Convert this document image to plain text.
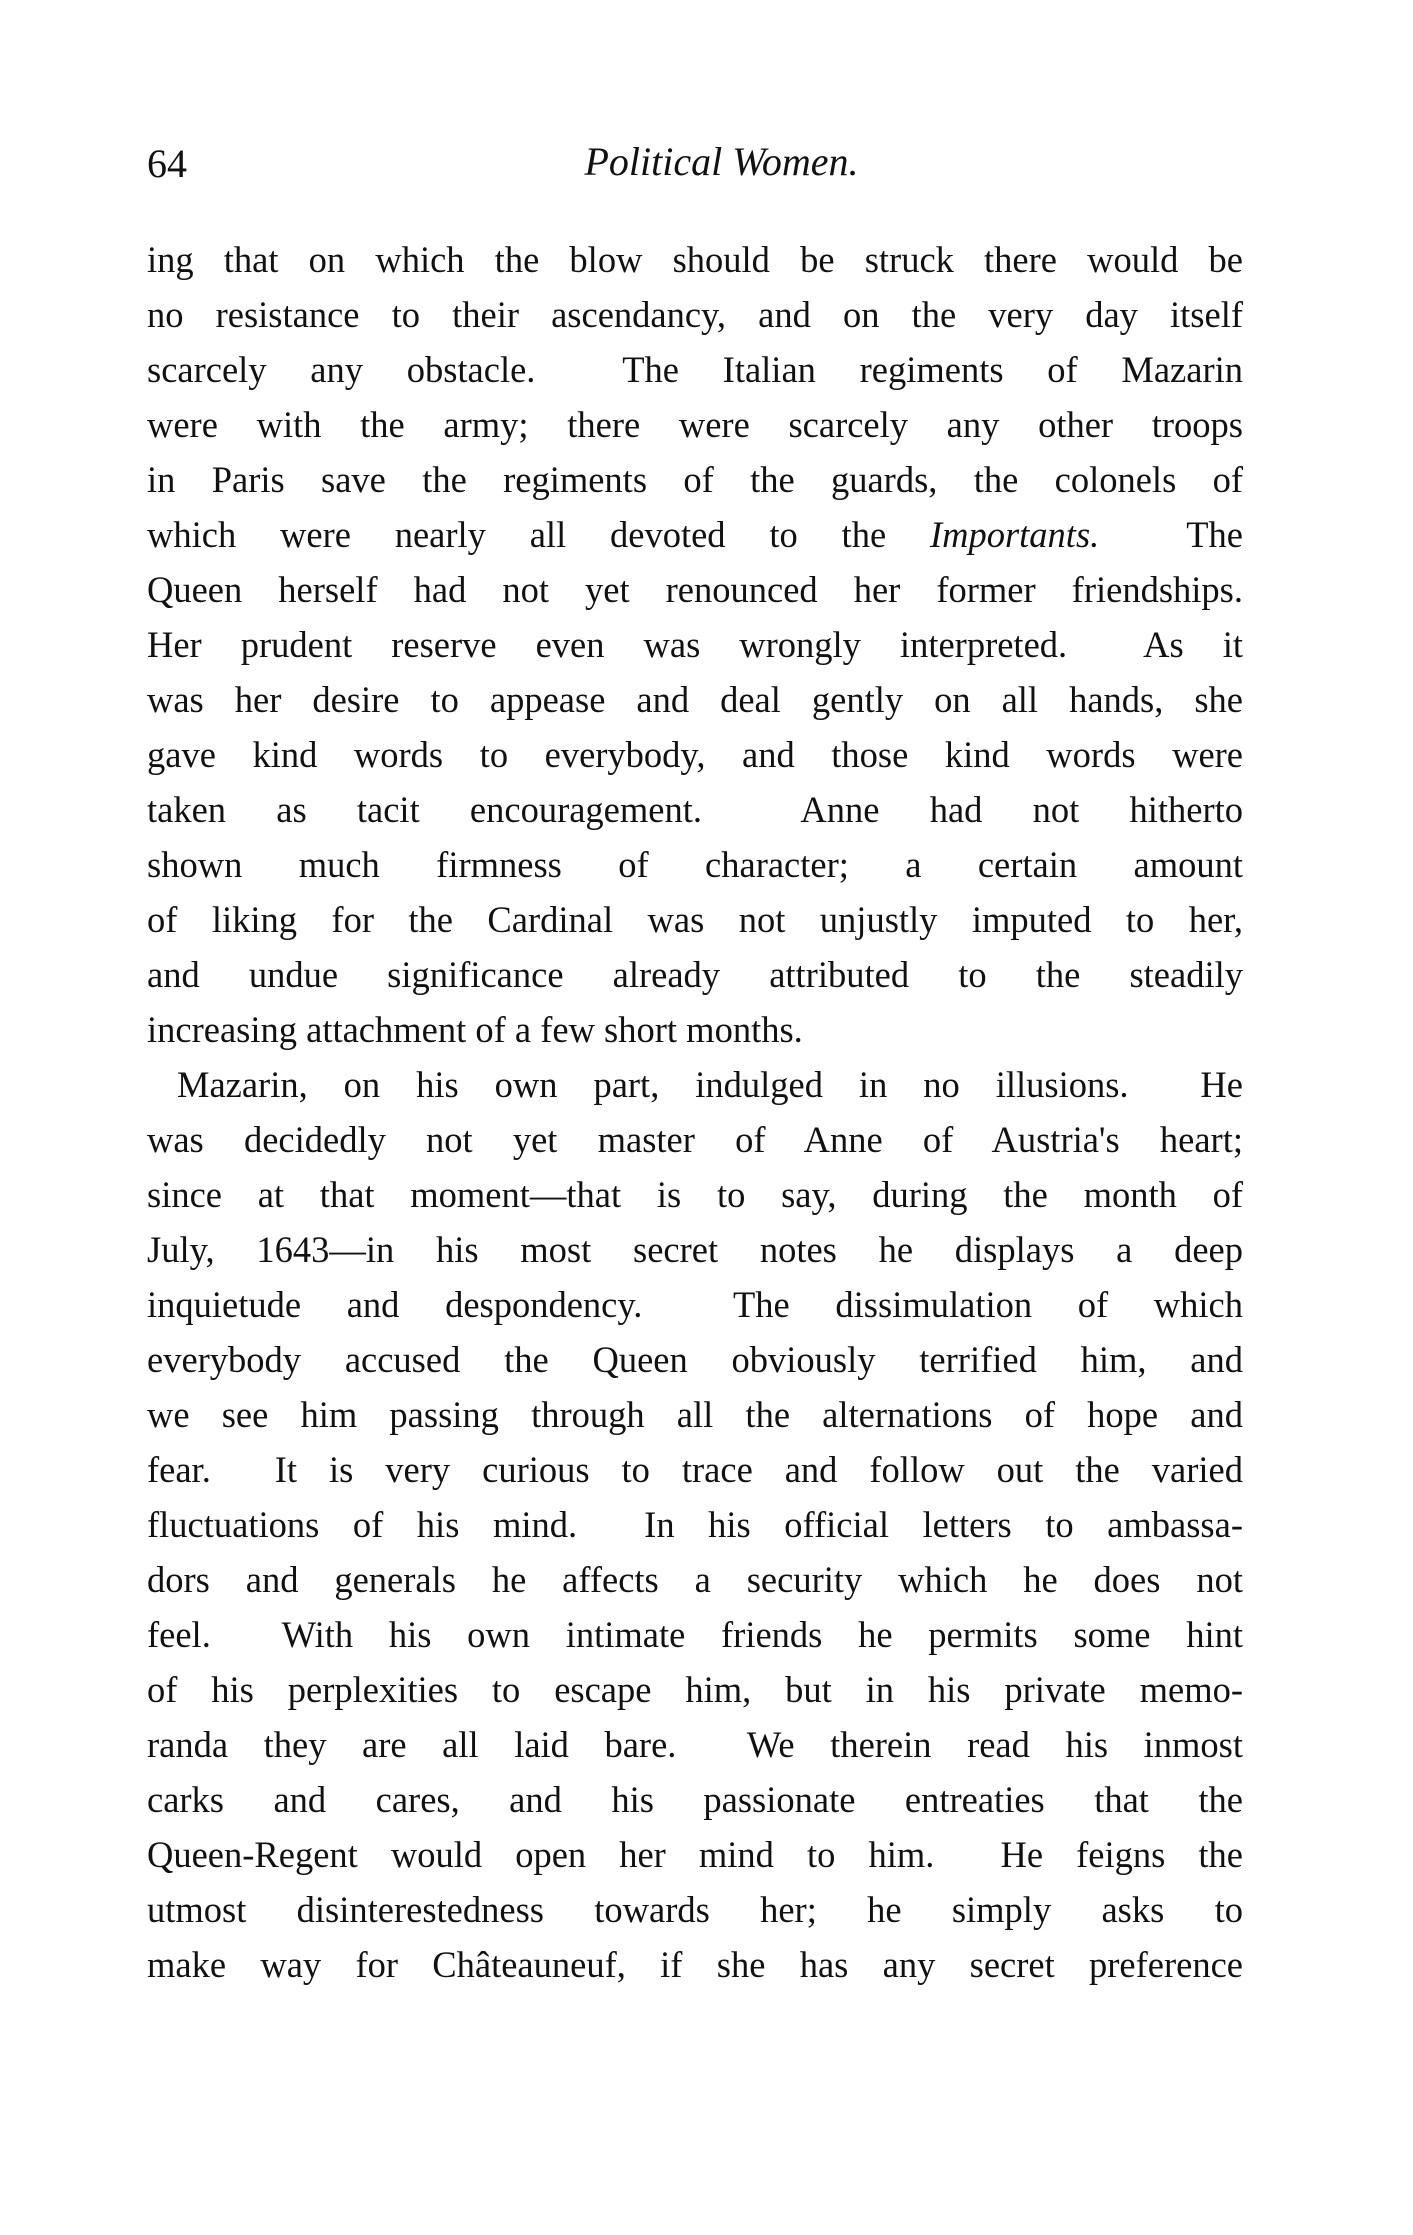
64	Political Women.
ing that on which the blow should be struck there would be
no resistance to their ascendancy, and on the very day itself
scarcely any obstacle.  The Italian regiments of Mazarin
were with the army; there were scarcely any other troops
in Paris save the regiments of the guards, the colonels of
which were nearly all devoted to the Importants.  The
Queen herself had not yet renounced her former friendships.
Her prudent reserve even was wrongly interpreted.  As it
was her desire to appease and deal gently on all hands, she
gave kind words to everybody, and those kind words were
taken as tacit encouragement.  Anne had not hitherto
shown much firmness of character; a certain amount
of liking for the Cardinal was not unjustly imputed to her,
and undue significance already attributed to the steadily
increasing attachment of a few short months.
Mazarin, on his own part, indulged in no illusions.  He
was decidedly not yet master of Anne of Austria's heart;
since at that moment—that is to say, during the month of
July, 1643—in his most secret notes he displays a deep
inquietude and despondency.  The dissimulation of which
everybody accused the Queen obviously terrified him, and
we see him passing through all the alternations of hope and
fear.  It is very curious to trace and follow out the varied
fluctuations of his mind.  In his official letters to ambassa-
dors and generals he affects a security which he does not
feel.  With his own intimate friends he permits some hint
of his perplexities to escape him, but in his private memo-
randa they are all laid bare.  We therein read his inmost
carks and cares, and his passionate entreaties that the
Queen-Regent would open her mind to him.  He feigns the
utmost disinterestedness towards her; he simply asks to
make way for Châteauneuf, if she has any secret preference
